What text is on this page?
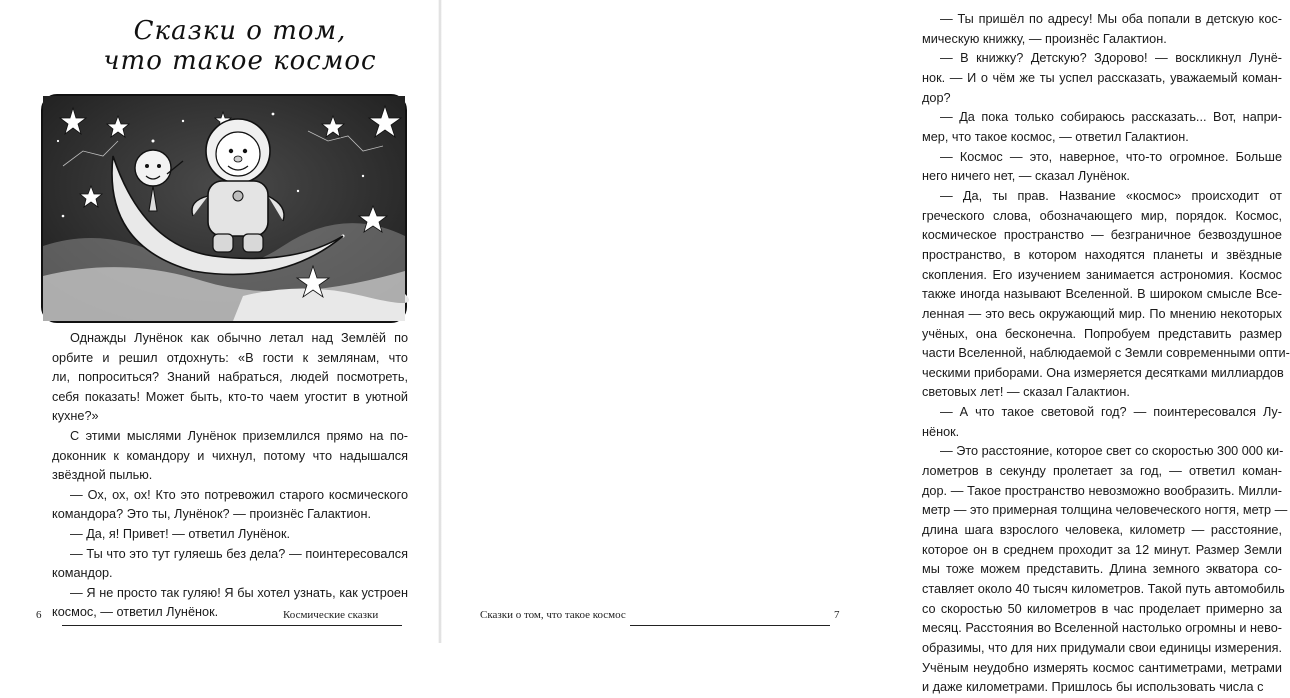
Сказки о том,
что такое космос

Однажды Лунёнок как обычно летал над Землёй по
орбите и решил отдохнуть: «В гости к землянам, что
ли, попроситься? Знаний набраться, людей посмотреть,
себя показать! Может быть, кто-то чаем угостит в уютной
кухне?»

С этими мыслями Лунёнок приземлился прямо на по-
доконник к командору и чихнул, потому что надышался
звёздной пылью.

— Ох, ох, ох! Кто это потревожил старого космического
командора? Это ты, Лунёнок? — произнёс Галактион.

— Да, я! Привет! — ответил Лунёнок.

— Ты что это тут гуляешь без дела? — поинтересовался
командор.

— Я не просто так гуляю! Я бы хотел узнать, как устроен
космос, — ответил Лунёнок.

6	Космические сказки

— Ты пришёл по адресу! Мы оба попали в детскую кос-
мическую книжку, — произнёс Галактион.

— В книжку? Детскую? Здорово! — воскликнул Лунё-
нок. — И о чём же ты успел рассказать, уважаемый коман-
дор?

— Да пока только собираюсь рассказать... Вот, напри-
мер, что такое космос, — ответил Галактион.

— Космос — это, наверное, что-то огромное. Больше
него ничего нет, — сказал Лунёнок.

— Да, ты прав. Название «космос» происходит от
греческого слова, обозначающего мир, порядок. Космос,
космическое пространство — безграничное безвоздушное
пространство, в котором находятся планеты и звёздные
скопления. Его изучением занимается астрономия. Космос
также иногда называют Вселенной. В широком смысле Все-
ленная — это весь окружающий мир. По мнению некоторых
учёных, она бесконечна. Попробуем представить размер
части Вселенной, наблюдаемой с Земли современными опти-
ческими приборами. Она измеряется десятками миллиардов
световых лет! — сказал Галактион.

— А что такое световой год? — поинтересовался Лу-
нёнок.

— Это расстояние, которое свет со скоростью 300 000 ки-
лометров в секунду пролетает за год, — ответил коман-
дор. — Такое пространство невозможно вообразить. Милли-
метр — это примерная толщина человеческого ногтя, метр —
длина шага взрослого человека, километр — расстояние,
которое он в среднем проходит за 12 минут. Размер Земли
мы тоже можем представить. Длина земного экватора со-
ставляет около 40 тысяч километров. Такой путь автомобиль
со скоростью 50 километров в час проделает примерно за
месяц. Расстояния во Вселенной настолько огромны и нево-
образимы, что для них придумали свои единицы измерения.
Учёным неудобно измерять космос сантиметрами, метрами
и даже километрами. Пришлось бы использовать числа с

Сказки о том, что такое космос	7
